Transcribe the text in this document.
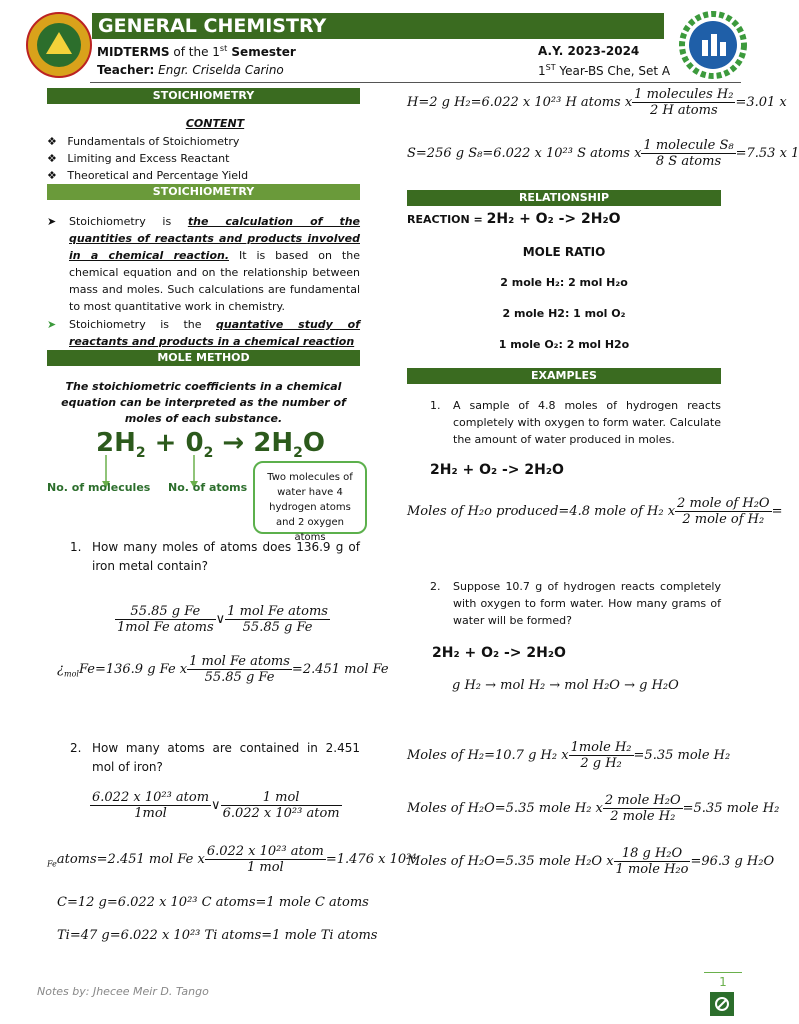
GENERAL CHEMISTRY
MIDTERMS of the 1st Semester
Teacher: Engr. Criselda Carino
A.Y. 2023-2024
1ST Year-BS Che, Set A
STOICHIOMETRY
CONTENT
❖   Fundamentals of Stoichiometry
❖   Limiting and Excess Reactant
❖   Theoretical and Percentage Yield
STOICHIOMETRY
➤ Stoichiometry is the calculation of the quantities of reactants and products involved in a chemical reaction. It is based on the chemical equation and on the relationship between mass and moles. Such calculations are fundamental to most quantitative work in chemistry.
➤ Stoichiometry is the quantative study of reactants and products in a chemical reaction
MOLE METHOD
The stoichiometric coefficients in a chemical equation can be interpreted as the number of moles of each substance.
$2H_2 + 0_2 \to 2H_2O$
No. of molecules No. of atoms
Two molecules of water have 4 hydrogen atoms and 2 oxygen atoms
1. How many moles of atoms does 136.9 g of iron metal contain?
$\frac{\text{55.85 g Fe}}{\text{1mol Fe atoms}}$ ∨ $\frac{\text{1 mol Fe atoms}}{\text{55.85 g Fe}}$
¿$_{mol}Fe=136.9$ g Fe x $\frac{\text{1 mol Fe atoms}}{\text{55.85 g Fe}} =2.451$ mol Fe
2. How many atoms are contained in 2.451 mol of iron?
$\frac{\text{6.022 x 10²³ atom}}{\text{1mol}}$ ∨ $\frac{\text{1 mol}}{\text{6.022 x 10²³ atom}}$
$_{Fe}$atoms=2.451 mol Fe x $\frac{\text{6.022 x 10²³ atom}}{\text{1 mol}} =1.476$ x 10²⁴
C=12 g=6.022 x 10²³ C atoms=1 mole C atoms
Ti=47 g=6.022 x 10²³ Ti atoms=1 mole Ti atoms
H=2 g H₂=6.022 x 10²³ H atoms x $\frac{\text{1 molecules H₂}}{\text{2 H atoms}} =3.01$ x
S=256 g S₈=6.022 x 10²³ S atoms x $\frac{\text{1 molecule S₈}}{\text{8 S atoms}} =7.53$ x 1
RELATIONSHIP
REACTION = 2H₂ + O₂ -> 2H₂O
MOLE RATIO
2 mole H₂: 2 mol H₂o
2 mole H2: 1 mol O₂
1 mole O₂: 2 mol H2o
EXAMPLES
1. A sample of 4.8 moles of hydrogen reacts completely with oxygen to form water. Calculate the amount of water produced in moles.
2H₂ + O₂ -> 2H₂O
Moles of H₂o produced=4.8 mole of H₂ x $\frac{\text{2 mole of H₂O}}{\text{2 mole of H₂}}$ =
2. Suppose 10.7 g of hydrogen reacts completely with oxygen to form water. How many grams of water will be formed?
2H₂ + O₂ -> 2H₂O
g H₂ → mol H₂ → mol H₂O → g H₂O
Moles of H₂=10.7 g H₂ x $\frac{\text{1mole H₂}}{\text{2 g H₂}} =5.35$ mole H₂
Moles of H₂O=5.35 mole H₂ x $\frac{\text{2 mole H₂O}}{\text{2 mole H₂}} =5.35$ mole H₂
Moles of H₂O=5.35 mole H₂O x $\frac{\text{18 g H₂O}}{\text{1 mole H₂o}} =96.3$ g H₂O
Notes by: Jhecee Meir D. Tango
1
